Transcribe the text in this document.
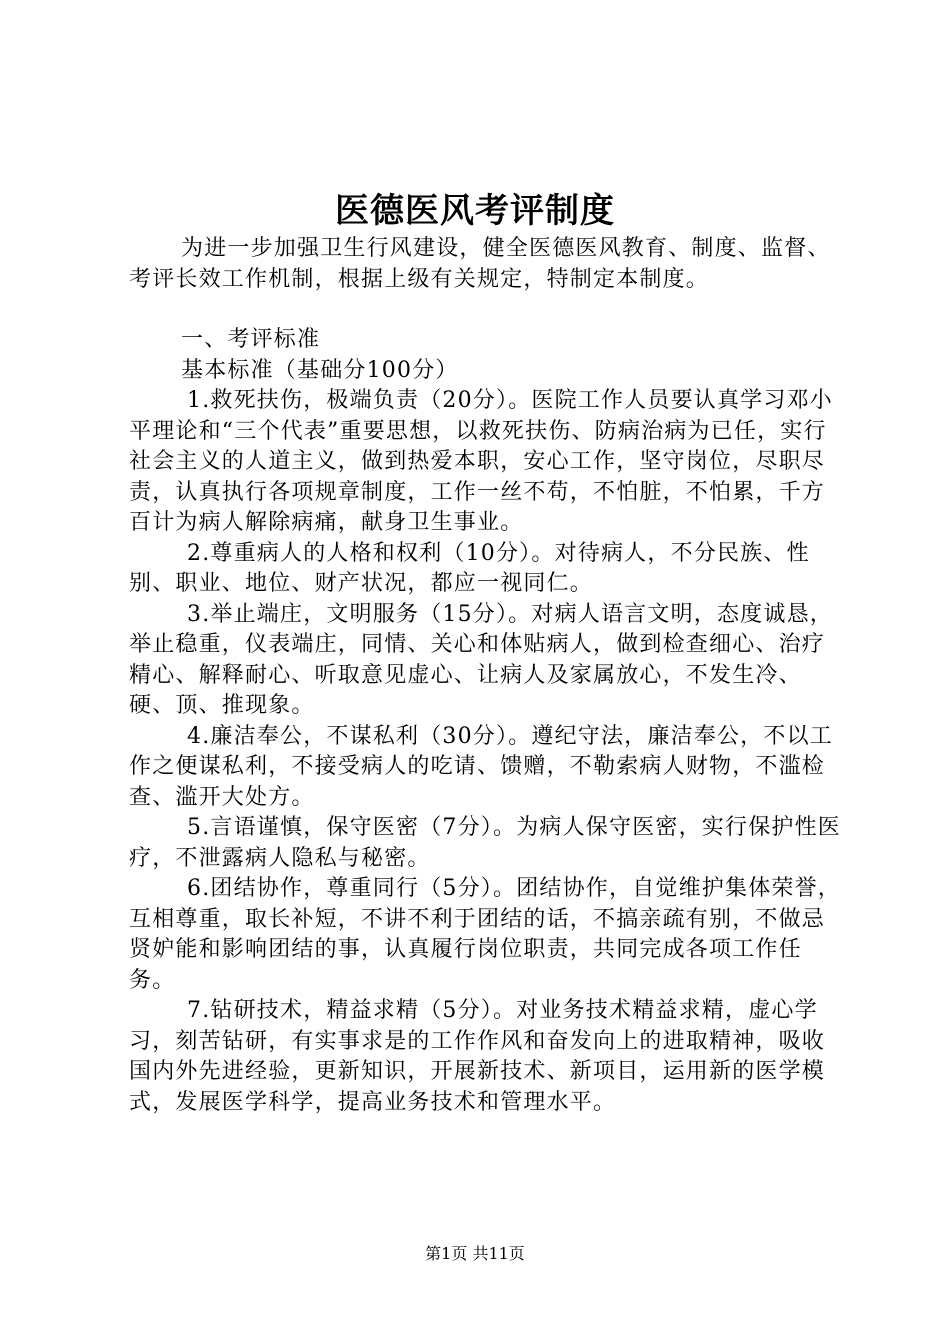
医德医风考评制度

为进一步加强卫生行风建设，健全医德医风教育、制度、监督、考评长效工作机制，根据上级有关规定，特制定本制度。

一、考评标准

基本标准（基础分100分）

1.救死扶伤，极端负责（20分）。医院工作人员要认真学习邓小平理论和“三个代表”重要思想，以救死扶伤、防病治病为已任，实行社会主义的人道主义，做到热爱本职，安心工作，坚守岗位，尽职尽责，认真执行各项规章制度，工作一丝不苟，不怕脏，不怕累，千方百计为病人解除病痛，献身卫生事业。

2.尊重病人的人格和权利（10分）。对待病人，不分民族、性别、职业、地位、财产状况，都应一视同仁。

3.举止端庄，文明服务（15分）。对病人语言文明，态度诚恳，举止稳重，仪表端庄，同情、关心和体贴病人，做到检查细心、治疗精心、解释耐心、听取意见虚心、让病人及家属放心，不发生冷、硬、顶、推现象。

4.廉洁奉公，不谋私利（30分）。遵纪守法，廉洁奉公，不以工作之便谋私利，不接受病人的吃请、馈赠，不勒索病人财物，不滥检查、滥开大处方。

5.言语谨慎，保守医密（7分）。为病人保守医密，实行保护性医疗，不泄露病人隐私与秘密。

6.团结协作，尊重同行（5分）。团结协作，自觉维护集体荣誉，互相尊重，取长补短，不讲不利于团结的话，不搞亲疏有别，不做忌贤妒能和影响团结的事，认真履行岗位职责，共同完成各项工作任务。

7.钻研技术，精益求精（5分）。对业务技术精益求精，虚心学习，刻苦钻研，有实事求是的工作作风和奋发向上的进取精神，吸收国内外先进经验，更新知识，开展新技术、新项目，运用新的医学模式，发展医学科学，提高业务技术和管理水平。

第1页 共11页
